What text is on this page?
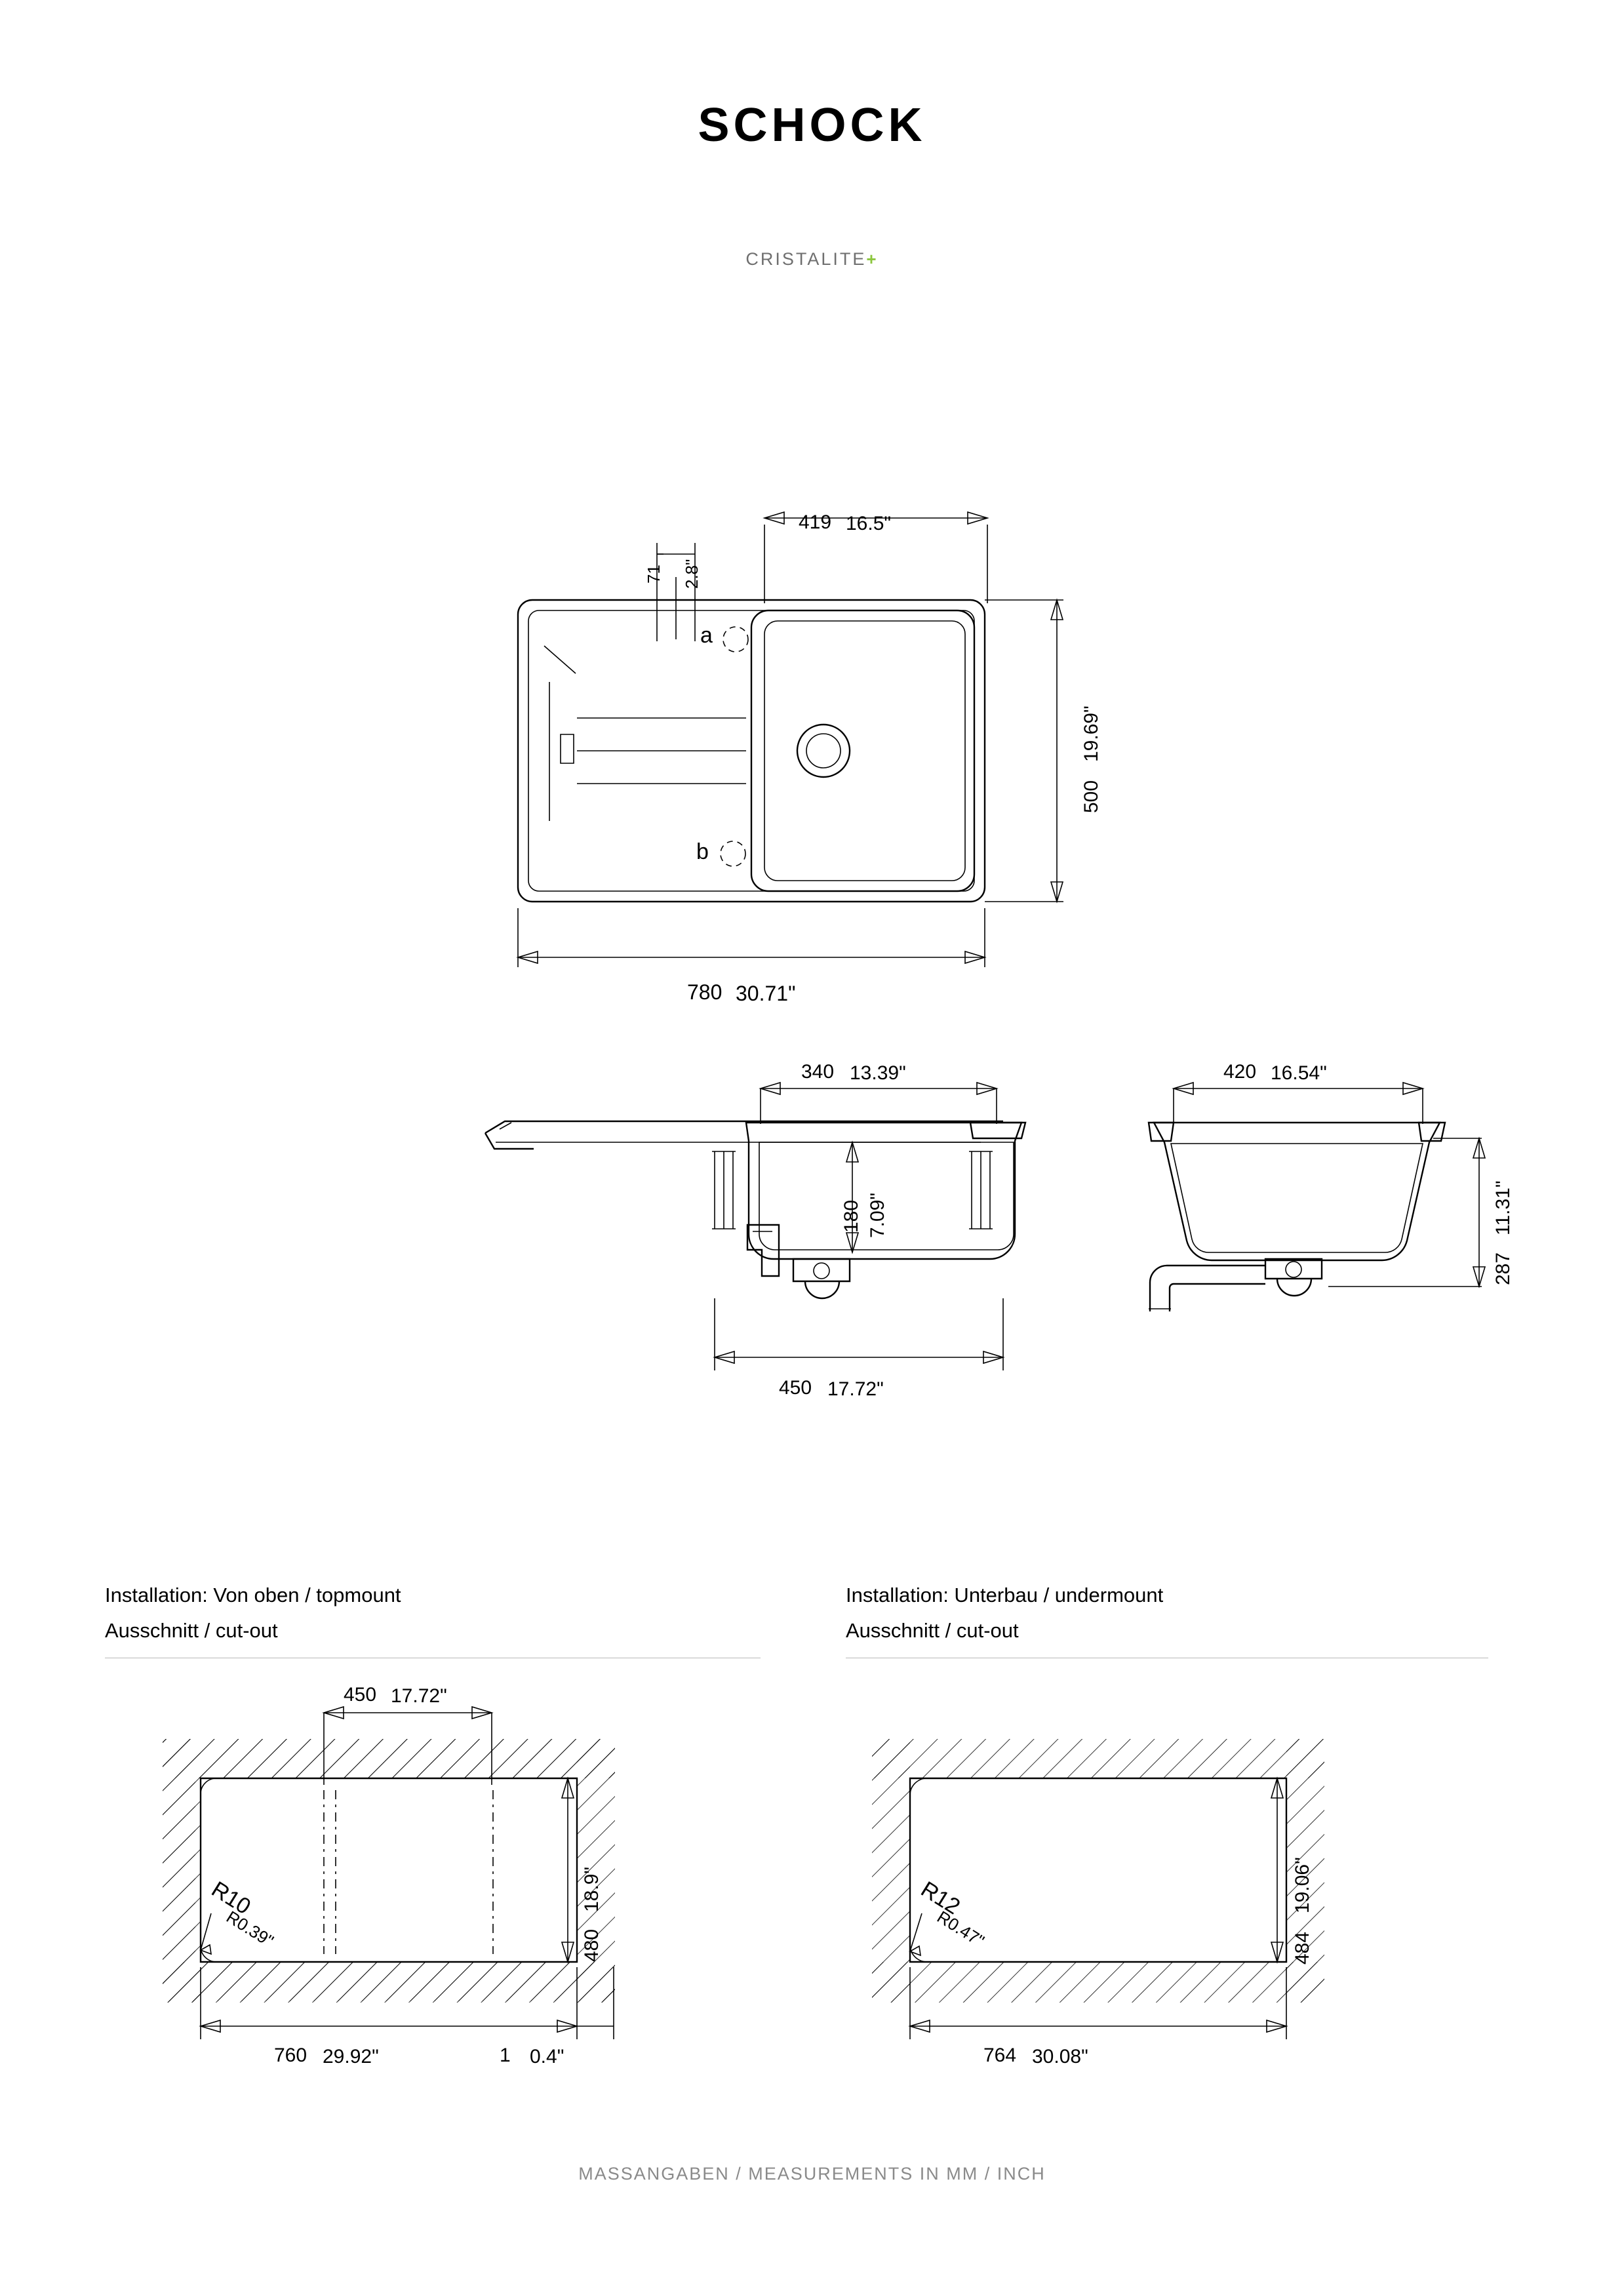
SCHOCK
CRISTALITE+
419 16.5"
71 2.8"
500
19.69"
780 30.71"
a
b
340 13.39"
180 7.09"
450 17.72"
420 16.54"
287
11.31"
Installation: Von oben / topmount
Ausschnitt / cut-out
Installation: Unterbau / undermount
Ausschnitt / cut-out
450 17.72"
480
18.9"
760 29.92"	1 0.4"
R10
R0.39"	484
19.06"
764 30.08"
R12
R0.47"
MASSANGABEN / MEASUREMENTS IN MM / INCH
